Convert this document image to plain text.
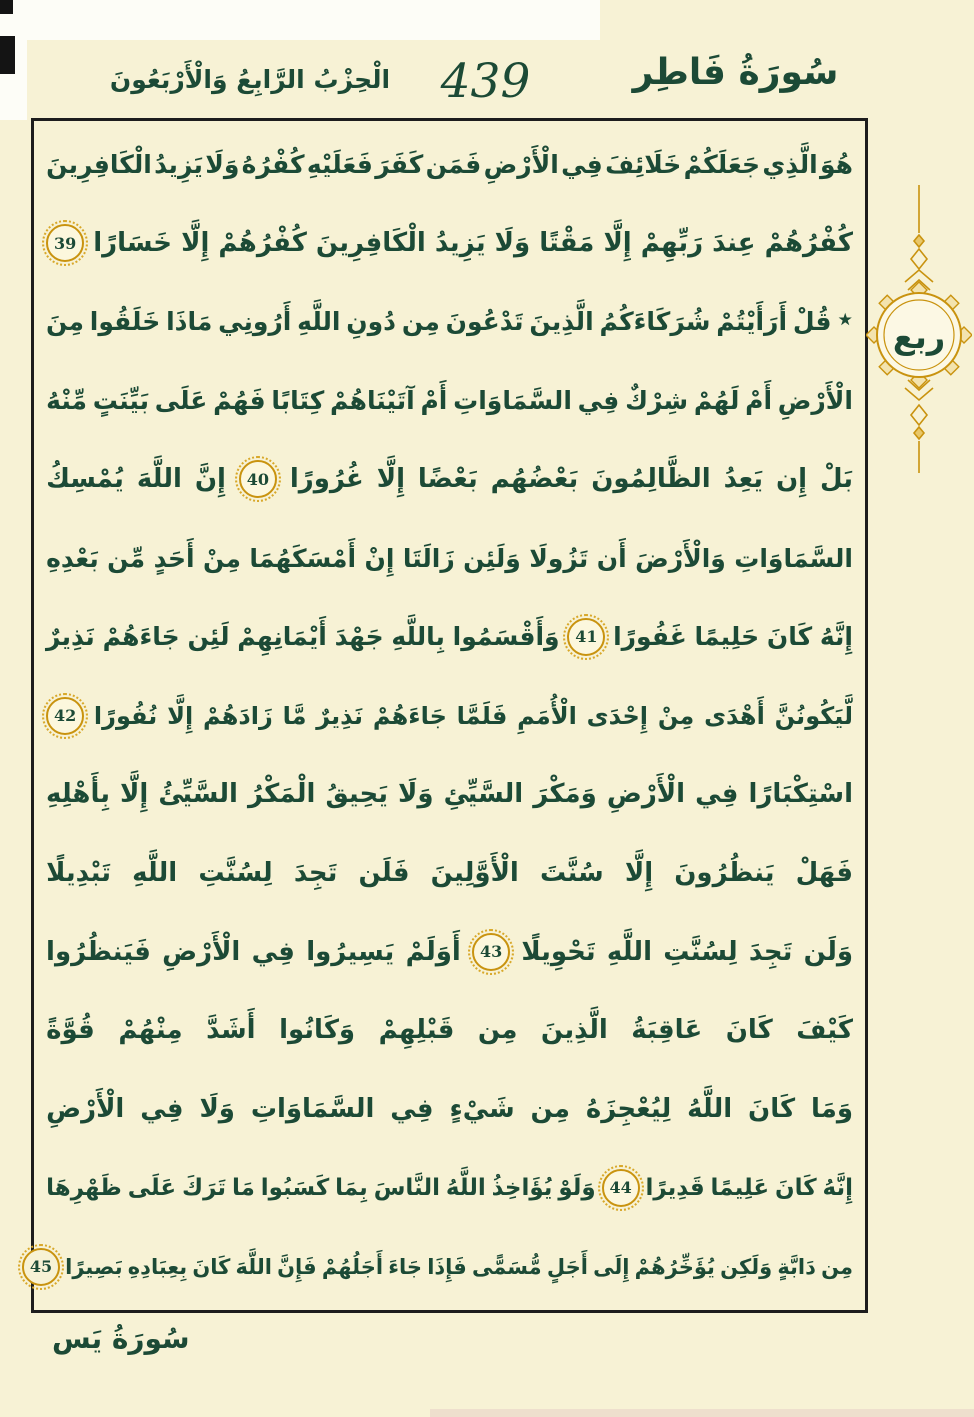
الْحِزْبُ الرَّابِعُ وَالْأَرْبَعُونَ	439	سُورَةُ فَاطِر
هُوَ
الَّذِي
جَعَلَكُمْ
خَلَائِفَ
فِي
الْأَرْضِ
فَمَن
كَفَرَ
فَعَلَيْهِ
كُفْرُهُ
وَلَا
يَزِيدُ
الْكَافِرِينَ
كُفْرُهُمْ
عِندَ
رَبِّهِمْ
إِلَّا
مَقْتًا
وَلَا
يَزِيدُ
الْكَافِرِينَ
كُفْرُهُمْ
إِلَّا
خَسَارًا
39
٭
قُلْ
أَرَأَيْتُمْ
شُرَكَاءَكُمُ
الَّذِينَ
تَدْعُونَ
مِن
دُونِ
اللَّهِ
أَرُونِي
مَاذَا
خَلَقُوا
مِنَ
الْأَرْضِ
أَمْ
لَهُمْ
شِرْكٌ
فِي
السَّمَاوَاتِ
أَمْ
آتَيْنَاهُمْ
كِتَابًا
فَهُمْ
عَلَى
بَيِّنَتٍ
مِّنْهُ
بَلْ
إِن
يَعِدُ
الظَّالِمُونَ
بَعْضُهُم
بَعْضًا
إِلَّا
غُرُورًا
40
إِنَّ
اللَّهَ
يُمْسِكُ
السَّمَاوَاتِ
وَالْأَرْضَ
أَن
تَزُولَا
وَلَئِن
زَالَتَا
إِنْ
أَمْسَكَهُمَا
مِنْ
أَحَدٍ
مِّن
بَعْدِهِ
إِنَّهُ
كَانَ
حَلِيمًا
غَفُورًا
41
وَأَقْسَمُوا
بِاللَّهِ
جَهْدَ
أَيْمَانِهِمْ
لَئِن
جَاءَهُمْ
نَذِيرٌ
لَّيَكُونُنَّ
أَهْدَى
مِنْ
إِحْدَى
الْأُمَمِ
فَلَمَّا
جَاءَهُمْ
نَذِيرٌ
مَّا
زَادَهُمْ
إِلَّا
نُفُورًا
42
اسْتِكْبَارًا
فِي
الْأَرْضِ
وَمَكْرَ
السَّيِّئِ
وَلَا
يَحِيقُ
الْمَكْرُ
السَّيِّئُ
إِلَّا
بِأَهْلِهِ
فَهَلْ
يَنظُرُونَ
إِلَّا
سُنَّتَ
الْأَوَّلِينَ
فَلَن
تَجِدَ
لِسُنَّتِ
اللَّهِ
تَبْدِيلًا
وَلَن
تَجِدَ
لِسُنَّتِ
اللَّهِ
تَحْوِيلًا
43
أَوَلَمْ
يَسِيرُوا
فِي
الْأَرْضِ
فَيَنظُرُوا
كَيْفَ
كَانَ
عَاقِبَةُ
الَّذِينَ
مِن
قَبْلِهِمْ
وَكَانُوا
أَشَدَّ
مِنْهُمْ
قُوَّةً
وَمَا
كَانَ
اللَّهُ
لِيُعْجِزَهُ
مِن
شَيْءٍ
فِي
السَّمَاوَاتِ
وَلَا
فِي
الْأَرْضِ
إِنَّهُ
كَانَ
عَلِيمًا
قَدِيرًا
44
وَلَوْ
يُؤَاخِذُ
اللَّهُ
النَّاسَ
بِمَا
كَسَبُوا
مَا
تَرَكَ
عَلَى
ظَهْرِهَا
مِن
دَابَّةٍ
وَلَكِن
يُؤَخِّرُهُمْ
إِلَى
أَجَلٍ
مُّسَمًّى
فَإِذَا
جَاءَ
أَجَلُهُمْ
فَإِنَّ
اللَّهَ
كَانَ
بِعِبَادِهِ
بَصِيرًا
45
ربع
سُورَةُ يَس
